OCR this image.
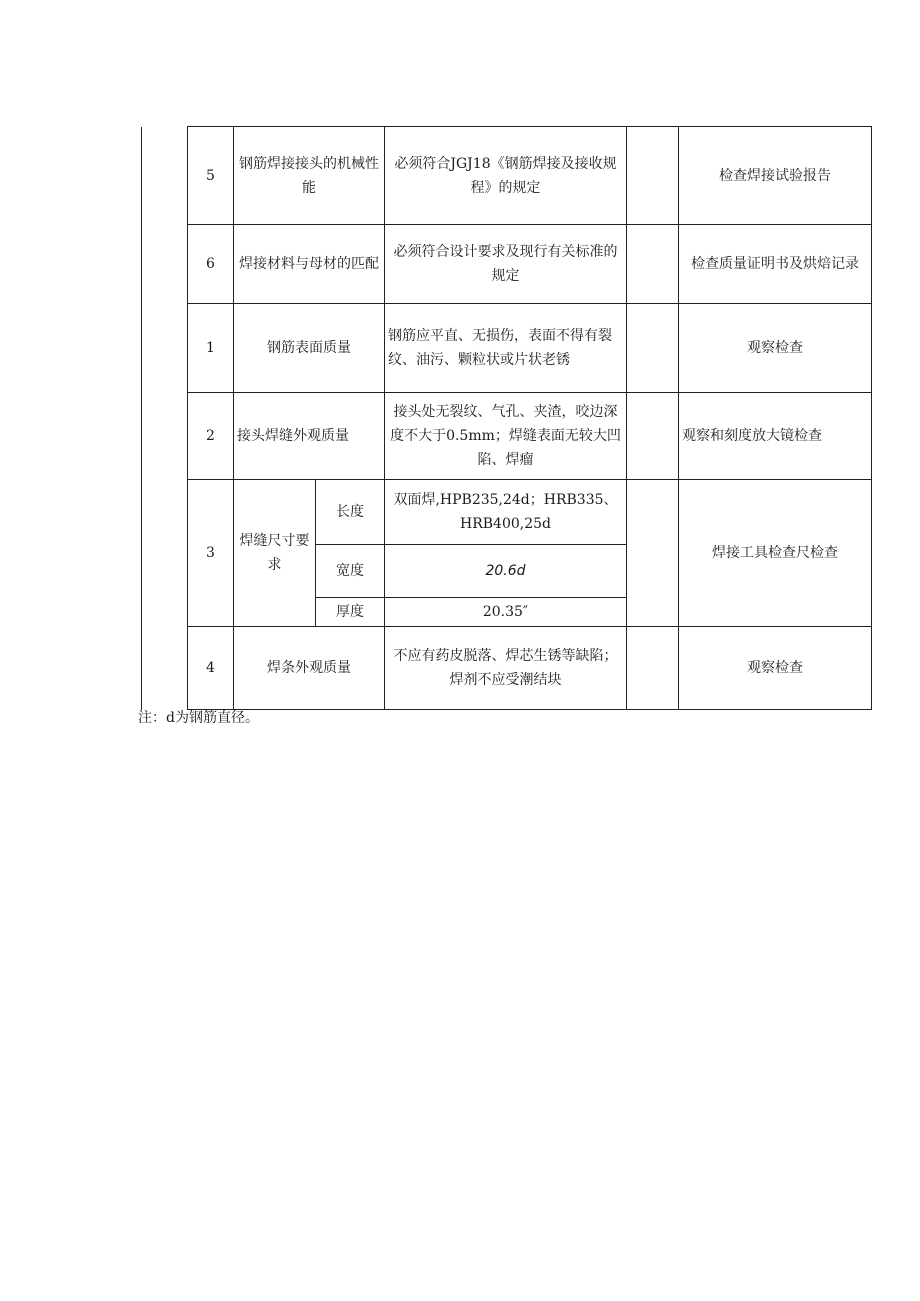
	5	钢筋焊接接头的机械性能		必须符合JGJ18《钢筋焊接及接收规程》的规定		检查焊接试验报告
	6	焊接材料与母材的匹配		必须符合设计要求及现行有关标准的规定		检查质量证明书及烘焙记录
	1	钢筋表面质量		钢筋应平直、无损伤，表面不得有裂纹、油污、颗粒状或片状老锈		观察检查
	2	接头焊缝外观质量		接头处无裂纹、气孔、夹渣，咬边深度不大于0.5mm；焊缝表面无较大凹陷、焊瘤		观察和刻度放大镜检查
	3	焊缝尺寸要求	长度	双面焊,HPB235,24d；HRB335、HRB400,25d		焊接工具检查尺检查
			宽度	20.6d		
			厚度	20.35″		
	4	焊条外观质量		不应有药皮脱落、焊芯生锈等缺陷；焊剂不应受潮结块		观察检查
注：d为钢筋直径。
